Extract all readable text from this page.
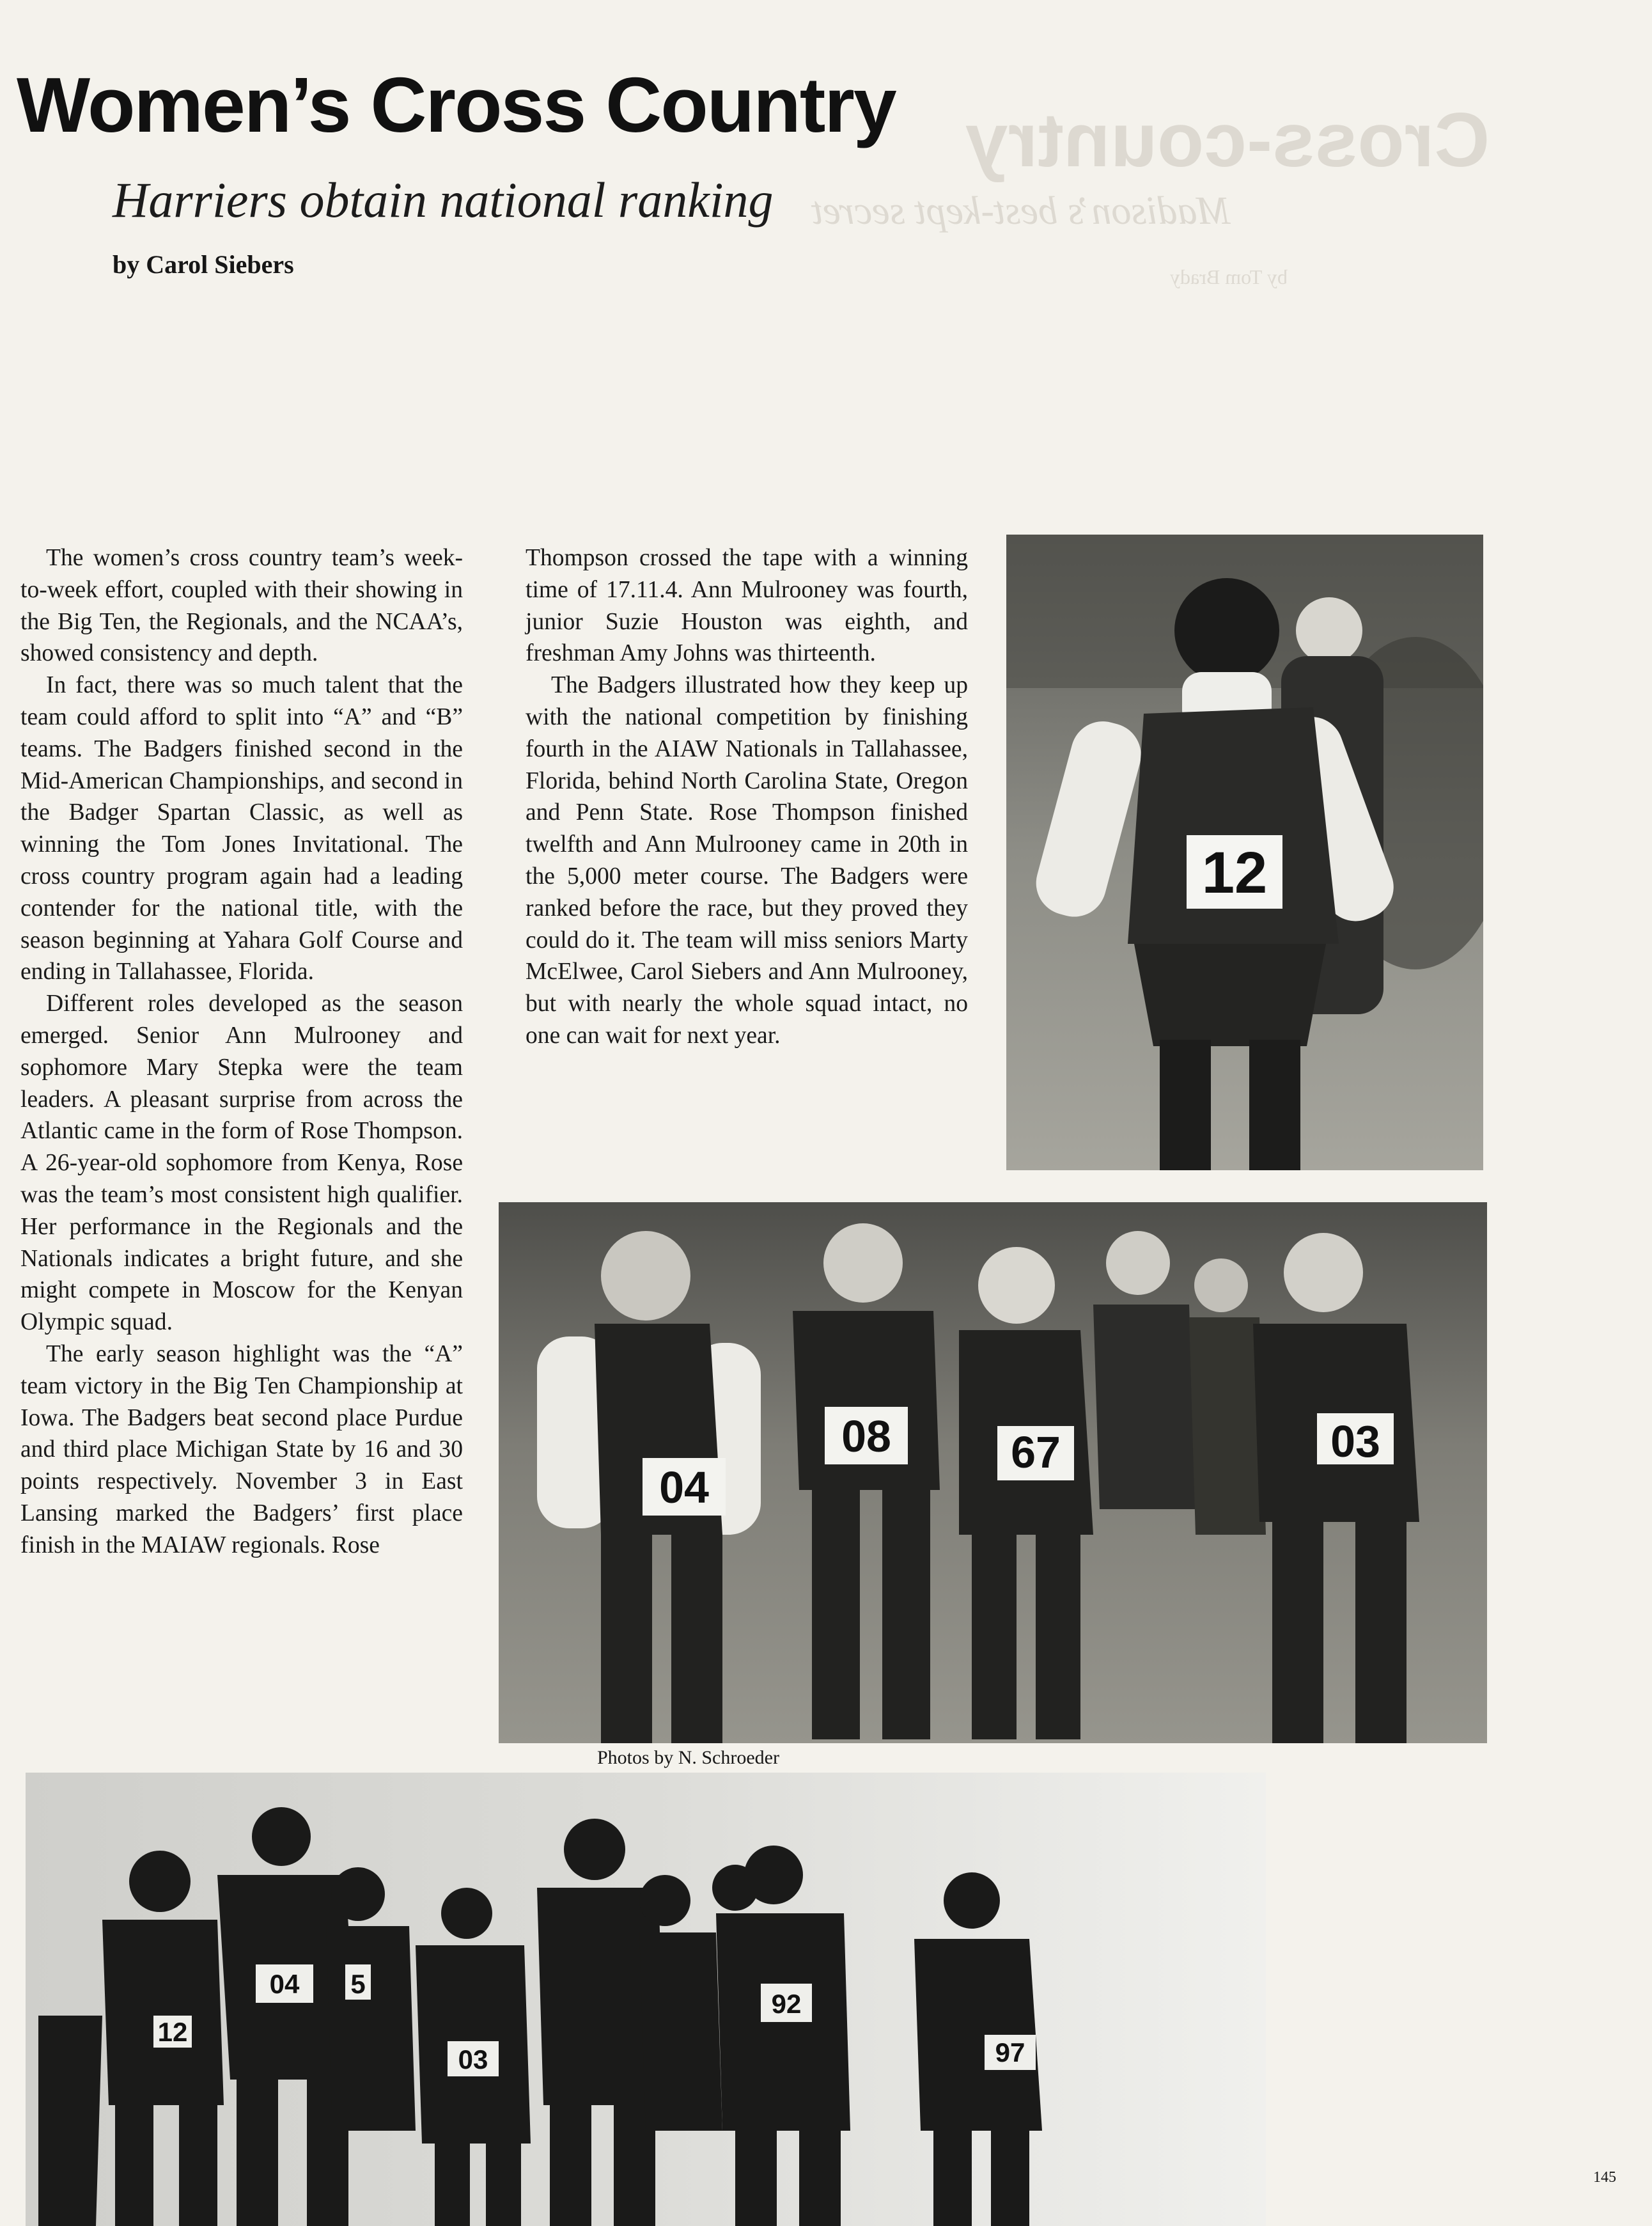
Cross-country
Madison’s best-kept secret
by Tom Brady
Women’s Cross Country
Harriers obtain national ranking
by Carol Siebers

The women’s cross country team’s week-to-week effort, coupled with their showing in the Big Ten, the Regionals, and the NCAA’s, showed consistency and depth.

In fact, there was so much talent that the team could afford to split into “A” and “B” teams. The Badgers finished second in the Mid-American Championships, and second in the Badger Spartan Classic, as well as winning the Tom Jones Invitational. The cross country program again had a leading contender for the national title, with the season beginning at Yahara Golf Course and ending in Tallahassee, Florida.

Different roles developed as the season emerged. Senior Ann Mulrooney and sophomore Mary Stepka were the team leaders. A pleasant surprise from across the Atlantic came in the form of Rose Thompson. A 26-year-old sophomore from Kenya, Rose was the team’s most consistent high qualifier. Her performance in the Regionals and the Nationals indicates a bright future, and she might compete in Moscow for the Kenyan Olympic squad.

The early season highlight was the “A” team victory in the Big Ten Championship at Iowa. The Badgers beat second place Purdue and third place Michigan State by 16 and 30 points respectively. November 3 in East Lansing marked the Badgers’ first place finish in the MAIAW regionals. Rose

Thompson crossed the tape with a winning time of 17.11.4. Ann Mulrooney was fourth, junior Suzie Houston was eighth, and freshman Amy Johns was thirteenth.

The Badgers illustrated how they keep up with the national competition by finishing fourth in the AIAW Nationals in Tallahassee, Florida, behind North Carolina State, Oregon and Penn State. Rose Thompson finished twelfth and Ann Mulrooney came in 20th in the 5,000 meter course. The Badgers were ranked before the race, but they proved they could do it. The team will miss seniors Marty McElwee, Carol Siebers and Ann Mulrooney, but with nearly the whole squad intact, no one can wait for next year.

12
04
08	67	03
Photos by N. Schroeder
12
04 5
03
92
97
145
